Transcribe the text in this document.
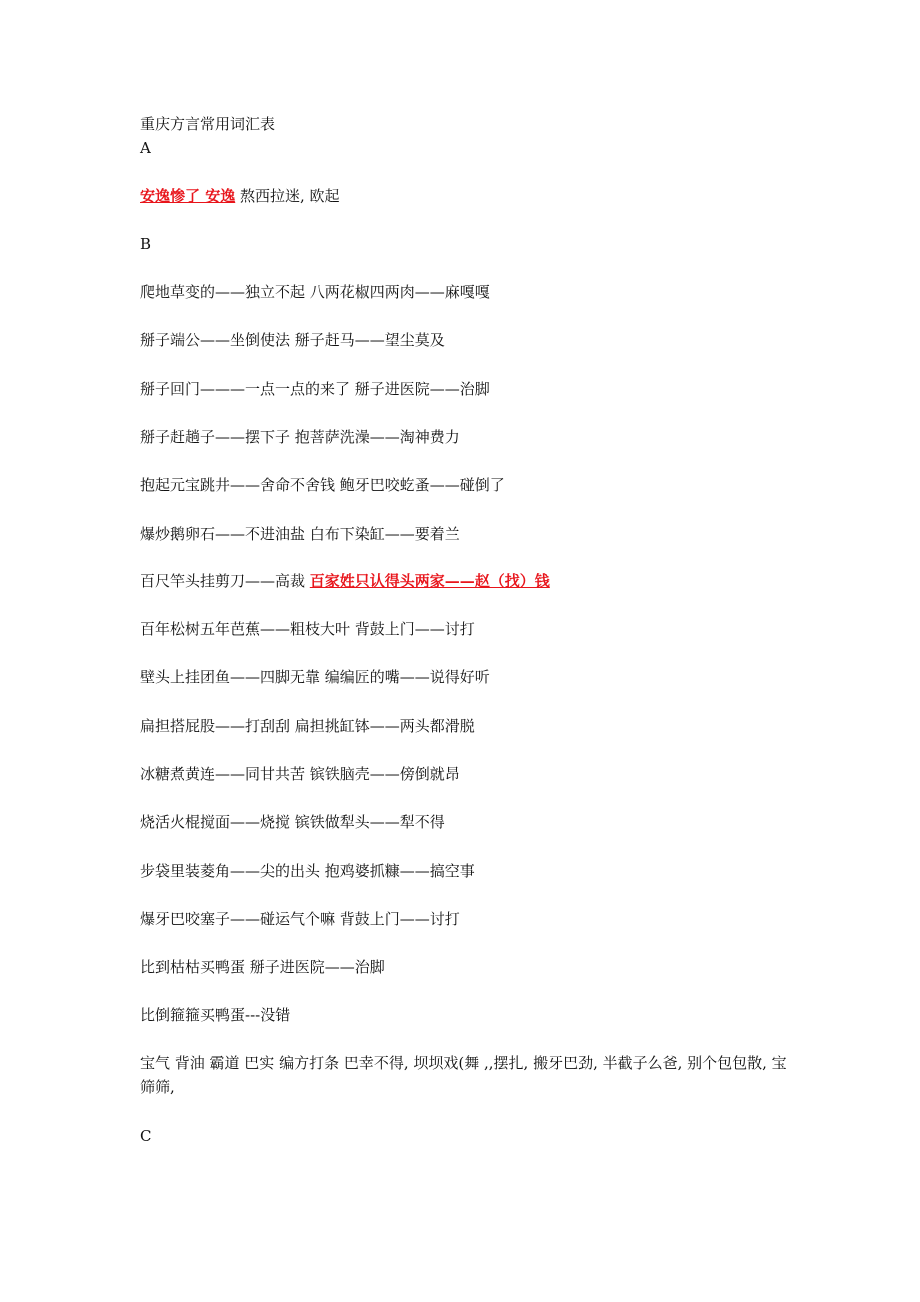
重庆方言常用词汇表
A
安逸惨了 安逸 熬西拉迷, 欧起
B
爬地草变的——独立不起 八两花椒四两肉——麻嘎嘎
掰子端公——坐倒使法 掰子赶马——望尘莫及
掰子回门———一点一点的来了 掰子进医院——治脚
掰子赶趟子——摆下子 抱菩萨洗澡——淘神费力
抱起元宝跳井——舍命不舍钱 鲍牙巴咬虼蚤——碰倒了
爆炒鹅卵石——不进油盐 白布下染缸——要着兰
百尺竿头挂剪刀——高裁 百家姓只认得头两家——赵（找）钱
百年松树五年芭蕉——粗枝大叶 背鼓上门——讨打
壁头上挂团鱼——四脚无靠 编编匠的嘴——说得好听
扁担搭屁股——打刮刮 扁担挑缸钵——两头都滑脱
冰糖煮黄连——同甘共苦 镔铁脑壳——傍倒就昂
烧活火棍搅面——烧搅 镔铁做犁头——犁不得
步袋里装菱角——尖的出头 抱鸡婆抓糠——搞空事
爆牙巴咬塞子——碰运气个嘛 背鼓上门——讨打
比到枯枯买鸭蛋 掰子进医院——治脚
比倒箍箍买鸭蛋---没错
宝气 背油 霸道 巴实 编方打条 巴幸不得, 坝坝戏(舞 ,,摆扎, 搬牙巴劲, 半截子么爸, 别个包包散, 宝筛筛,
C
